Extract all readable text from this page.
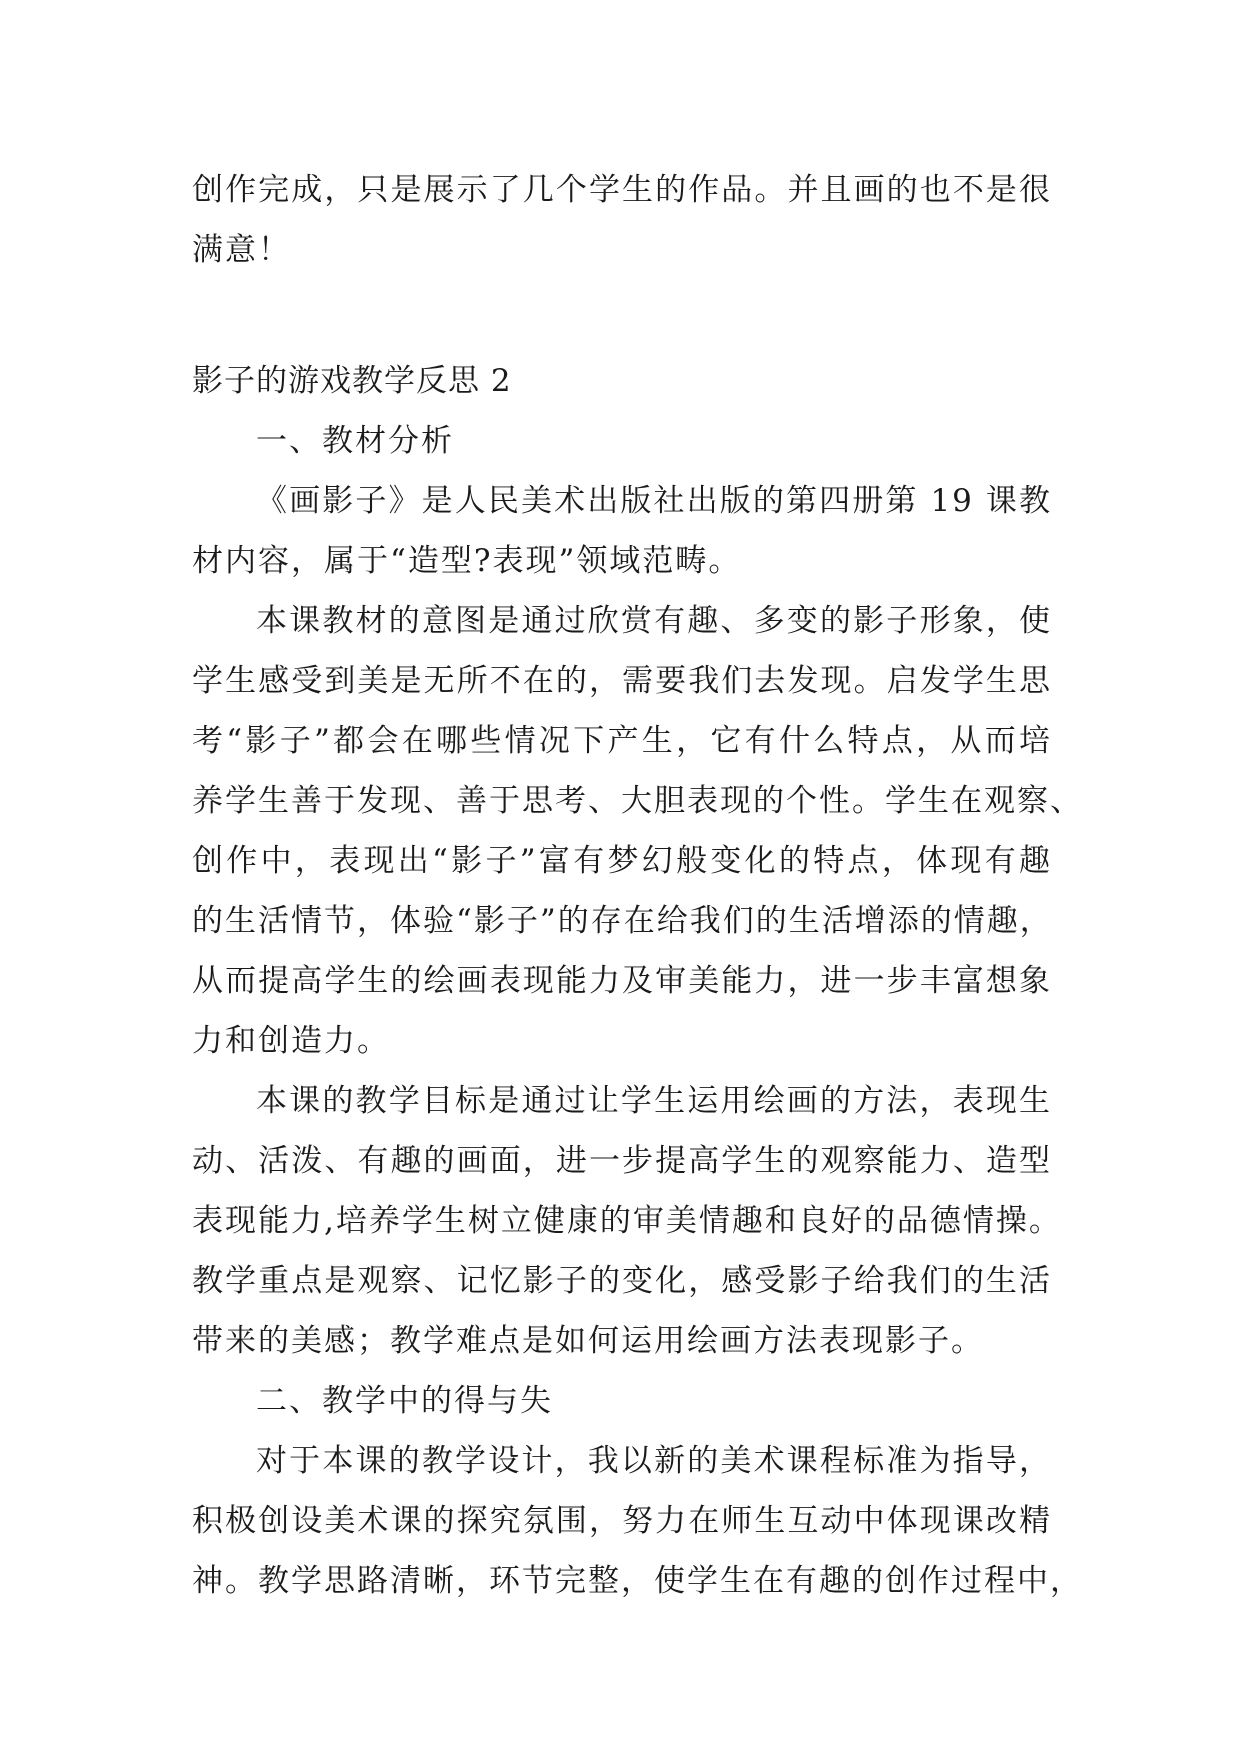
创作完成，只是展示了几个学生的作品。并且画的也不是很

满意！

影子的游戏教学反思 2

一、教材分析

《画影子》是人民美术出版社出版的第四册第 19 课教

材内容，属于“造型?表现”领域范畴。

本课教材的意图是通过欣赏有趣、多变的影子形象，使

学生感受到美是无所不在的，需要我们去发现。启发学生思

考“影子”都会在哪些情况下产生，它有什么特点，从而培

养学生善于发现、善于思考、大胆表现的个性。学生在观察、

创作中，表现出“影子”富有梦幻般变化的特点，体现有趣

的生活情节，体验“影子”的存在给我们的生活增添的情趣，

从而提高学生的绘画表现能力及审美能力，进一步丰富想象

力和创造力。

本课的教学目标是通过让学生运用绘画的方法，表现生

动、活泼、有趣的画面，进一步提高学生的观察能力、造型

表现能力,培养学生树立健康的审美情趣和良好的品德情操。

教学重点是观察、记忆影子的变化，感受影子给我们的生活

带来的美感；教学难点是如何运用绘画方法表现影子。

二、教学中的得与失

对于本课的教学设计，我以新的美术课程标准为指导，

积极创设美术课的探究氛围，努力在师生互动中体现课改精

神。教学思路清晰，环节完整，使学生在有趣的创作过程中，
